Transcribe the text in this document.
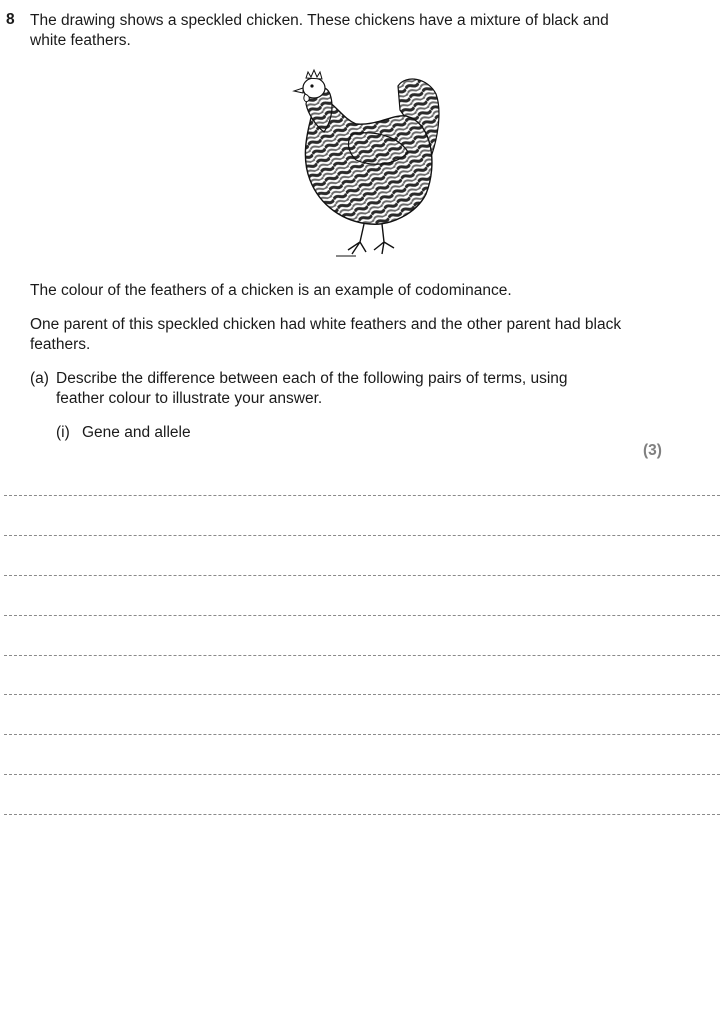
8 The drawing shows a speckled chicken. These chickens have a mixture of black and white feathers.
The colour of the feathers of a chicken is an example of codominance.
One parent of this speckled chicken had white feathers and the other parent had black feathers.
(a) Describe the difference between each of the following pairs of terms, using feather colour to illustrate your answer.
(i) Gene and allele
(3)
